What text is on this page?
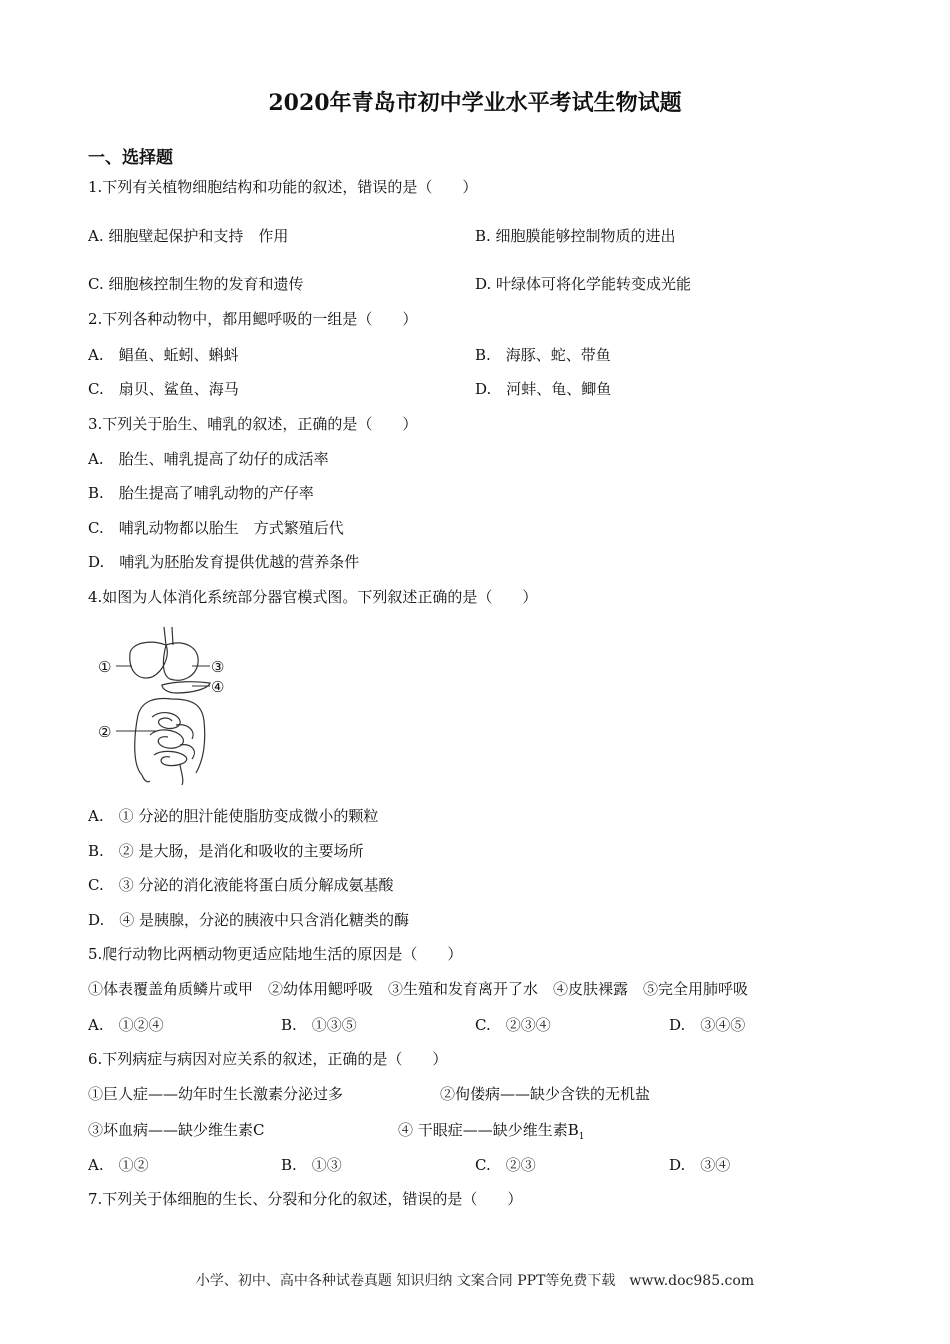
2020年青岛市初中学业水平考试生物试题
一、选择题
1.下列有关植物细胞结构和功能的叙述，错误的是（　　）
A. 细胞壁起保护和支持　作用	B. 细胞膜能够控制物质的进出
C. 细胞核控制生物的发育和遗传	D. 叶绿体可将化学能转变成光能
2.下列各种动物中，都用鳃呼吸的一组是（　　）
A.　鲳鱼、蚯蚓、蝌蚪	B.　海豚、蛇、带鱼
C.　扇贝、鲨鱼、海马	D.　河蚌、龟、鲫鱼
3.下列关于胎生、哺乳的叙述，正确的是（　　）
A.　胎生、哺乳提高了幼仔的成活率
B.　胎生提高了哺乳动物的产仔率
C.　哺乳动物都以胎生　方式繁殖后代
D.　哺乳为胚胎发育提供优越的营养条件
4.如图为人体消化系统部分器官模式图。下列叙述正确的是（　　）
①
②
③
④
A.　① 分泌的胆汁能使脂肪变成微小的颗粒
B.　② 是大肠，是消化和吸收的主要场所
C.　③ 分泌的消化液能将蛋白质分解成氨基酸
D.　④ 是胰腺，分泌的胰液中只含消化糖类的酶
5.爬行动物比两栖动物更适应陆地生活的原因是（　　）
①体表覆盖角质鳞片或甲　②幼体用鳃呼吸　③生殖和发育离开了水　④皮肤裸露　⑤完全用肺呼吸
A.　①②④	B.　①③⑤	C.　②③④	D.　③④⑤
6.下列病症与病因对应关系的叙述，正确的是（　　）
①巨人症——幼年时生长激素分泌过多	②佝偻病——缺少含铁的无机盐
③坏血病——缺少维生素C	④ 干眼症——缺少维生素$B_1$
A.　①②	B.　①③	C.　②③	D.　③④
7.下列关于体细胞的生长、分裂和分化的叙述，错误的是（　　）
小学、初中、高中各种试卷真题 知识归纳 文案合同 PPT等免费下载　www.doc985.com
